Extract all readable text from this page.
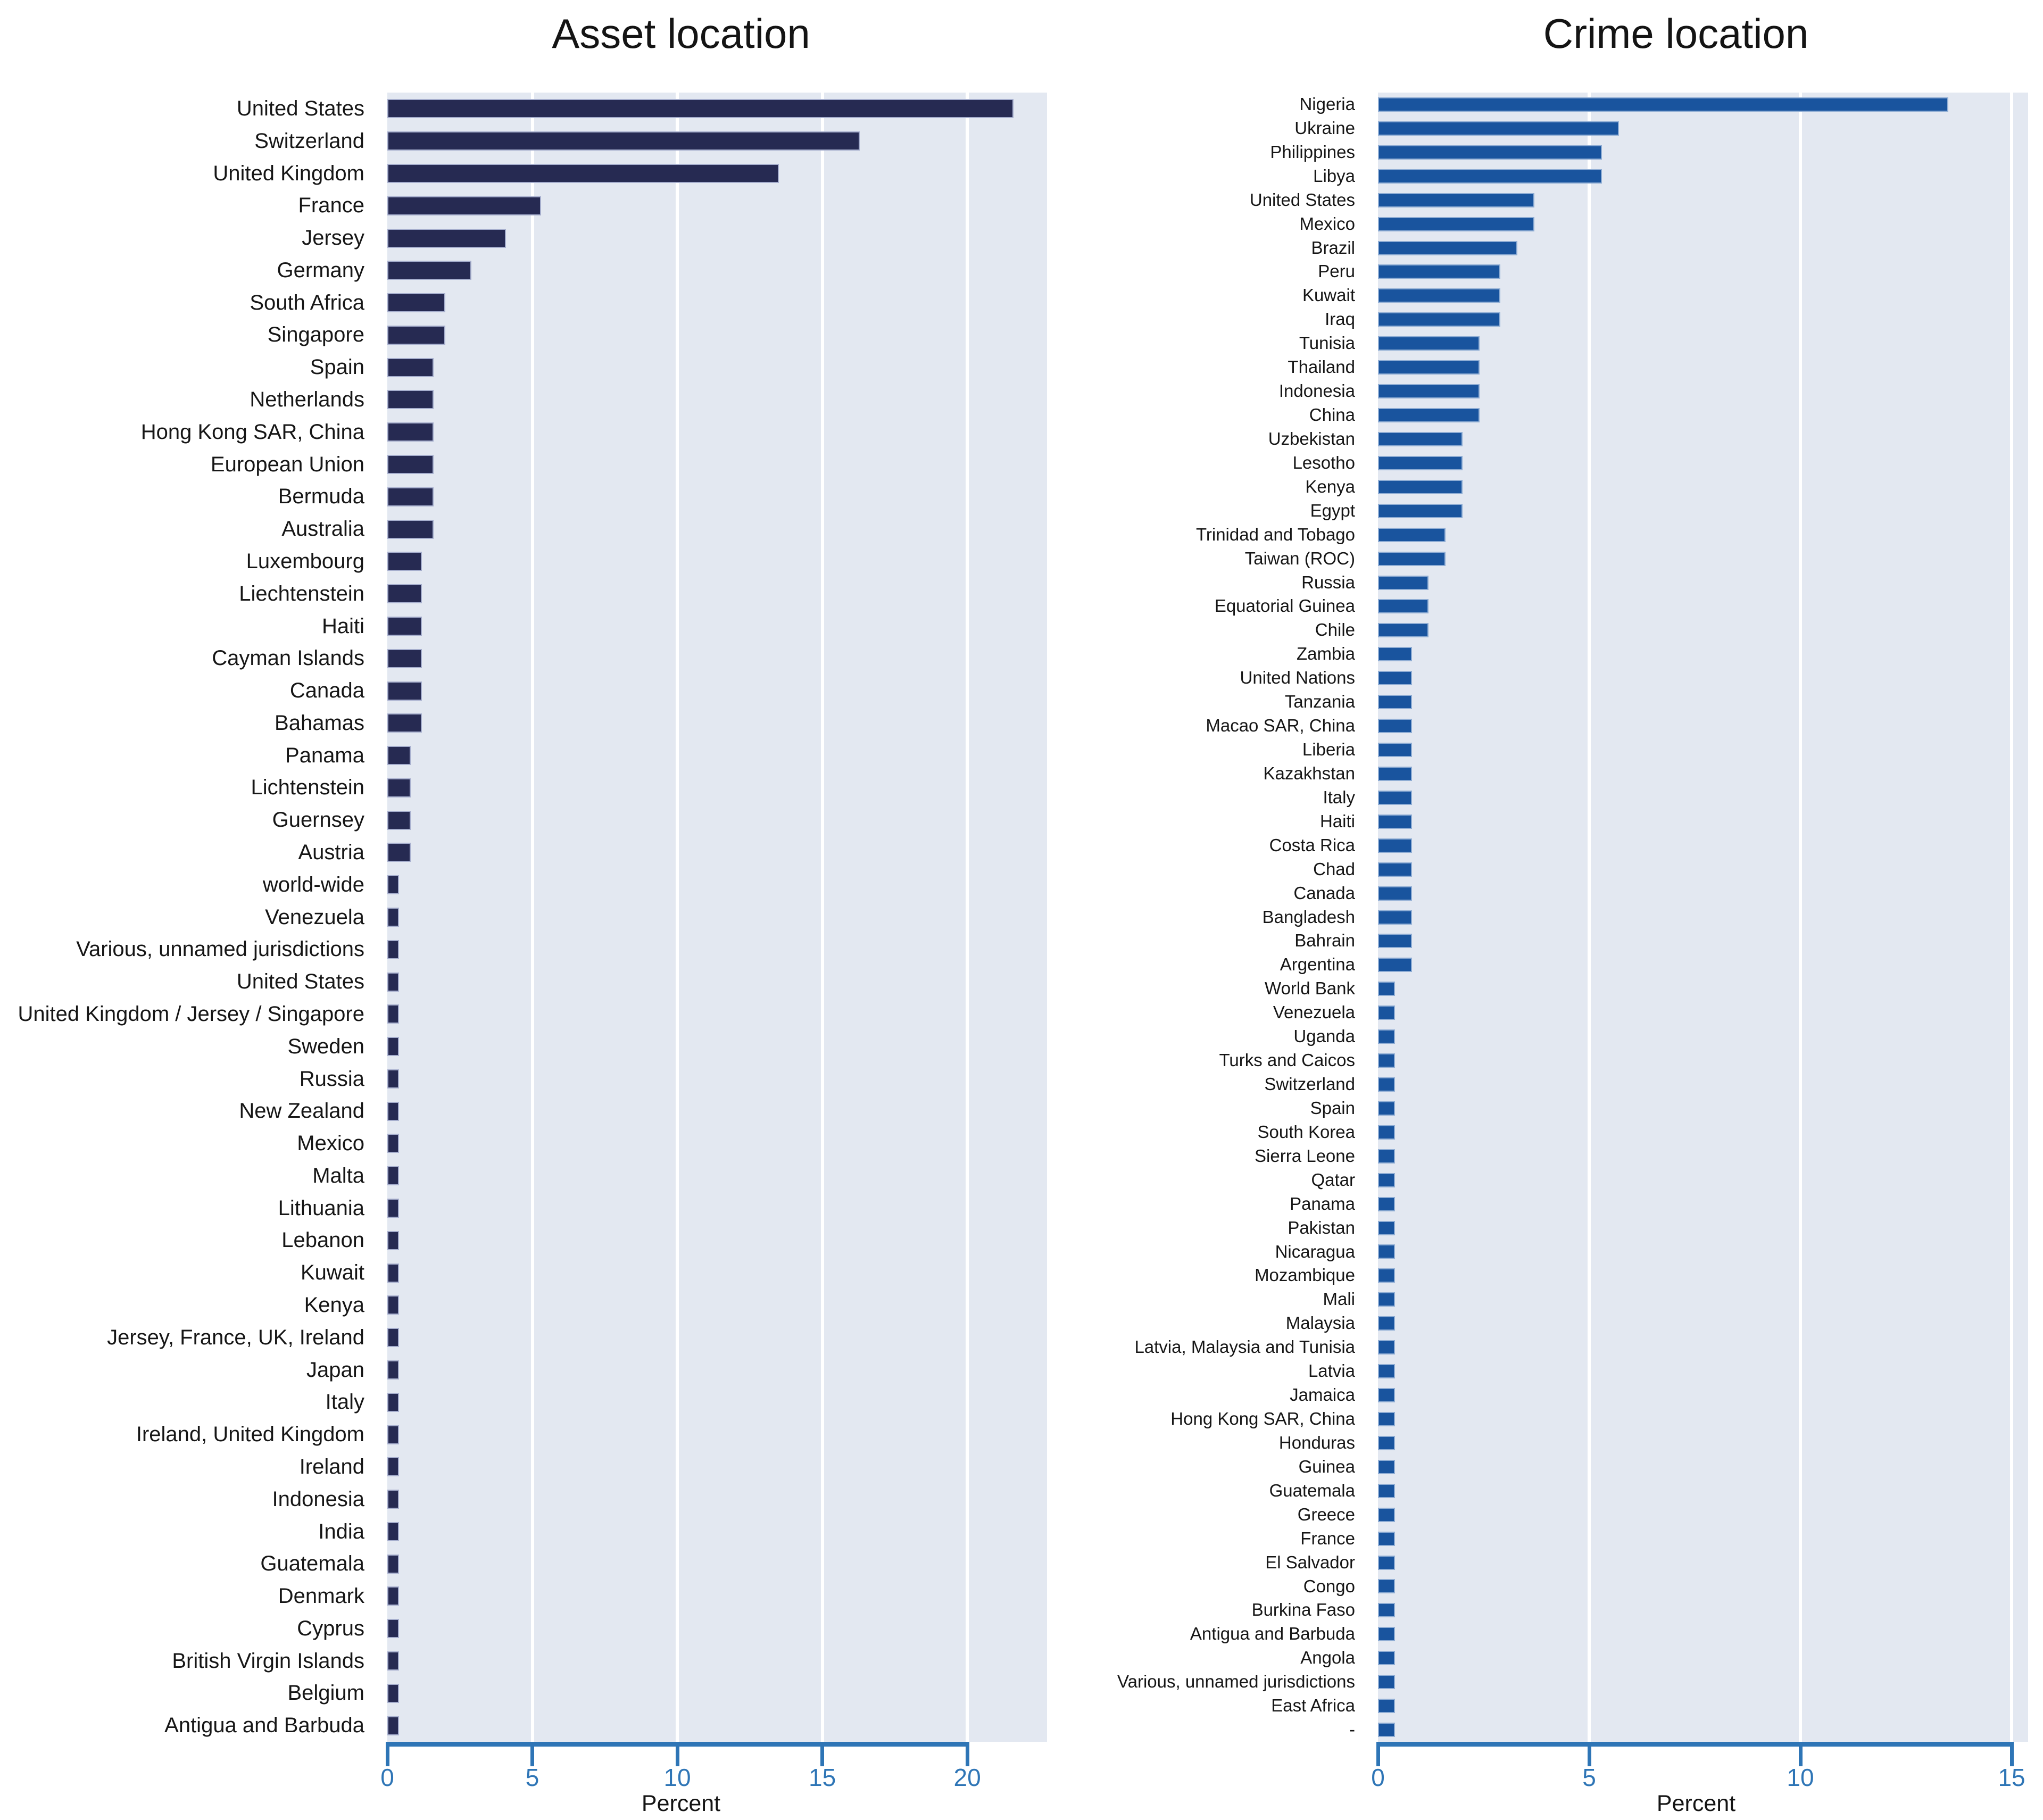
Asset location
United States
Switzerland
United Kingdom
France
Jersey
Germany
South Africa
Singapore
Spain
Netherlands
Hong Kong SAR, China
European Union
Bermuda
Australia
Luxembourg
Liechtenstein
Haiti
Cayman Islands
Canada
Bahamas
Panama
Lichtenstein
Guernsey
Austria
world-wide
Venezuela
Various, unnamed jurisdictions
United States
United Kingdom / Jersey / Singapore
Sweden
Russia
New Zealand
Mexico
Malta
Lithuania
Lebanon
Kuwait
Kenya
Jersey, France, UK, Ireland
Japan
Italy
Ireland, United Kingdom
Ireland
Indonesia
India
Guatemala
Denmark
Cyprus
British Virgin Islands
Belgium
Antigua and Barbuda
0	5	10	15	20
Percent
Crime location
Nigeria
Ukraine
Philippines
Libya
United States
Mexico
Brazil
Peru
Kuwait
Iraq
Tunisia
Thailand
Indonesia
China
Uzbekistan
Lesotho
Kenya
Egypt
Trinidad and Tobago
Taiwan (ROC)
Russia
Equatorial Guinea
Chile
Zambia
United Nations
Tanzania
Macao SAR, China
Liberia
Kazakhstan
Italy
Haiti
Costa Rica
Chad
Canada
Bangladesh
Bahrain
Argentina
World Bank
Venezuela
Uganda
Turks and Caicos
Switzerland
Spain
South Korea
Sierra Leone
Qatar
Panama
Pakistan
Nicaragua
Mozambique
Mali
Malaysia
Latvia, Malaysia and Tunisia
Latvia
Jamaica
Hong Kong SAR, China
Honduras
Guinea
Guatemala
Greece
France
El Salvador
Congo
Burkina Faso
Antigua and Barbuda
Angola
Various, unnamed jurisdictions
East Africa
-
0	5	10	15
Percent
